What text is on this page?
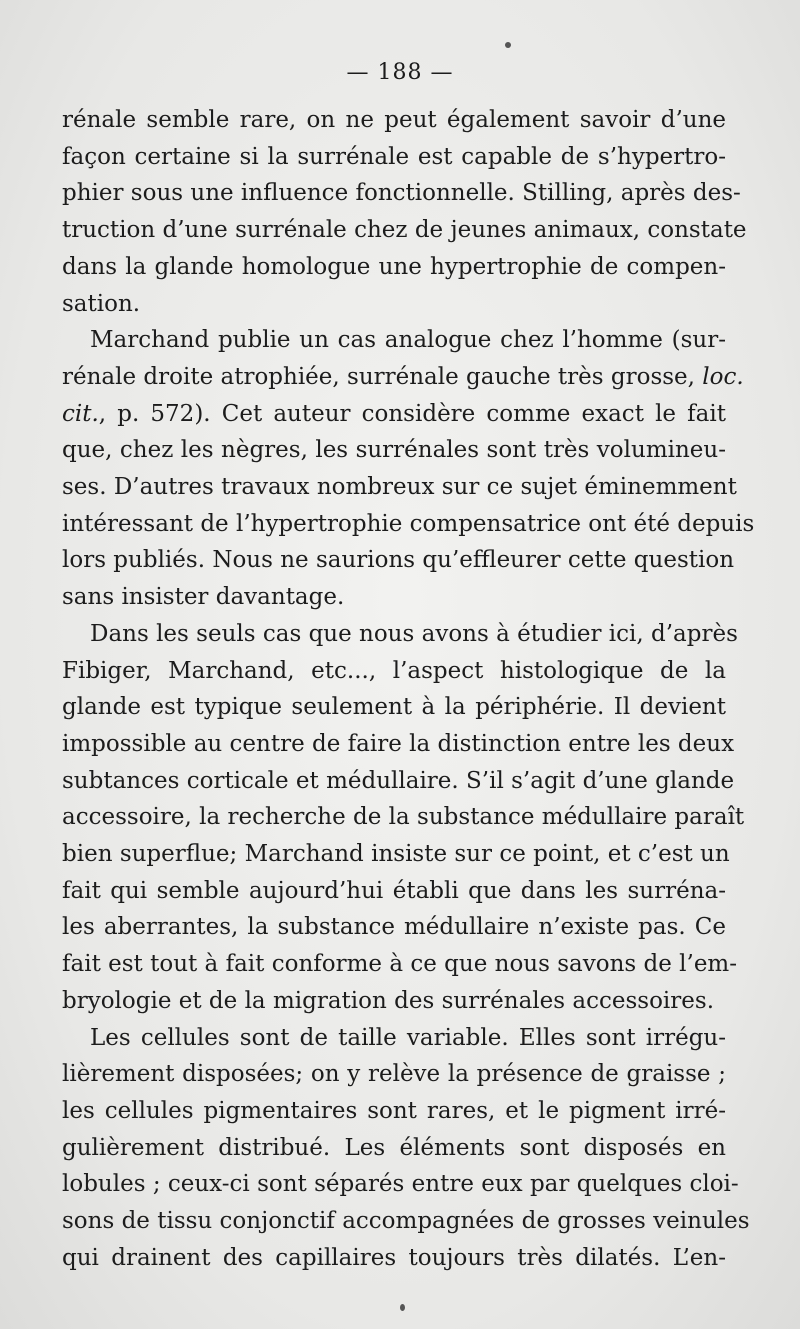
— 188 —
rénale semble rare, on ne peut également savoir d’une
façon certaine si la surrénale est capable de s’hypertro-
phier sous une influence fonctionnelle. Stilling, après des-
truction d’une surrénale chez de jeunes animaux, constate
dans la glande homologue une hypertrophie de compen-
sation.
Marchand publie un cas analogue chez l’homme (sur-
rénale droite atrophiée, surrénale gauche très grosse, loc.
cit., p. 572). Cet auteur considère comme exact le fait
que, chez les nègres, les surrénales sont très volumineu-
ses. D’autres travaux nombreux sur ce sujet éminemment
intéressant de l’hypertrophie compensatrice ont été depuis
lors publiés. Nous ne saurions qu’effleurer cette question
sans insister davantage.
Dans les seuls cas que nous avons à étudier ici, d’après
Fibiger, Marchand, etc..., l’aspect histologique de la
glande est typique seulement à la périphérie. Il devient
impossible au centre de faire la distinction entre les deux
subtances corticale et médullaire. S’il s’agit d’une glande
accessoire, la recherche de la substance médullaire paraît
bien superflue; Marchand insiste sur ce point, et c’est un
fait qui semble aujourd’hui établi que dans les surréna-
les aberrantes, la substance médullaire n’existe pas. Ce
fait est tout à fait conforme à ce que nous savons de l’em-
bryologie et de la migration des surrénales accessoires.
Les cellules sont de taille variable. Elles sont irrégu-
lièrement disposées; on y relève la présence de graisse ;
les cellules pigmentaires sont rares, et le pigment irré-
gulièrement distribué. Les éléments sont disposés en
lobules ; ceux-ci sont séparés entre eux par quelques cloi-
sons de tissu conjonctif accompagnées de grosses veinules
qui drainent des capillaires toujours très dilatés. L’en-
